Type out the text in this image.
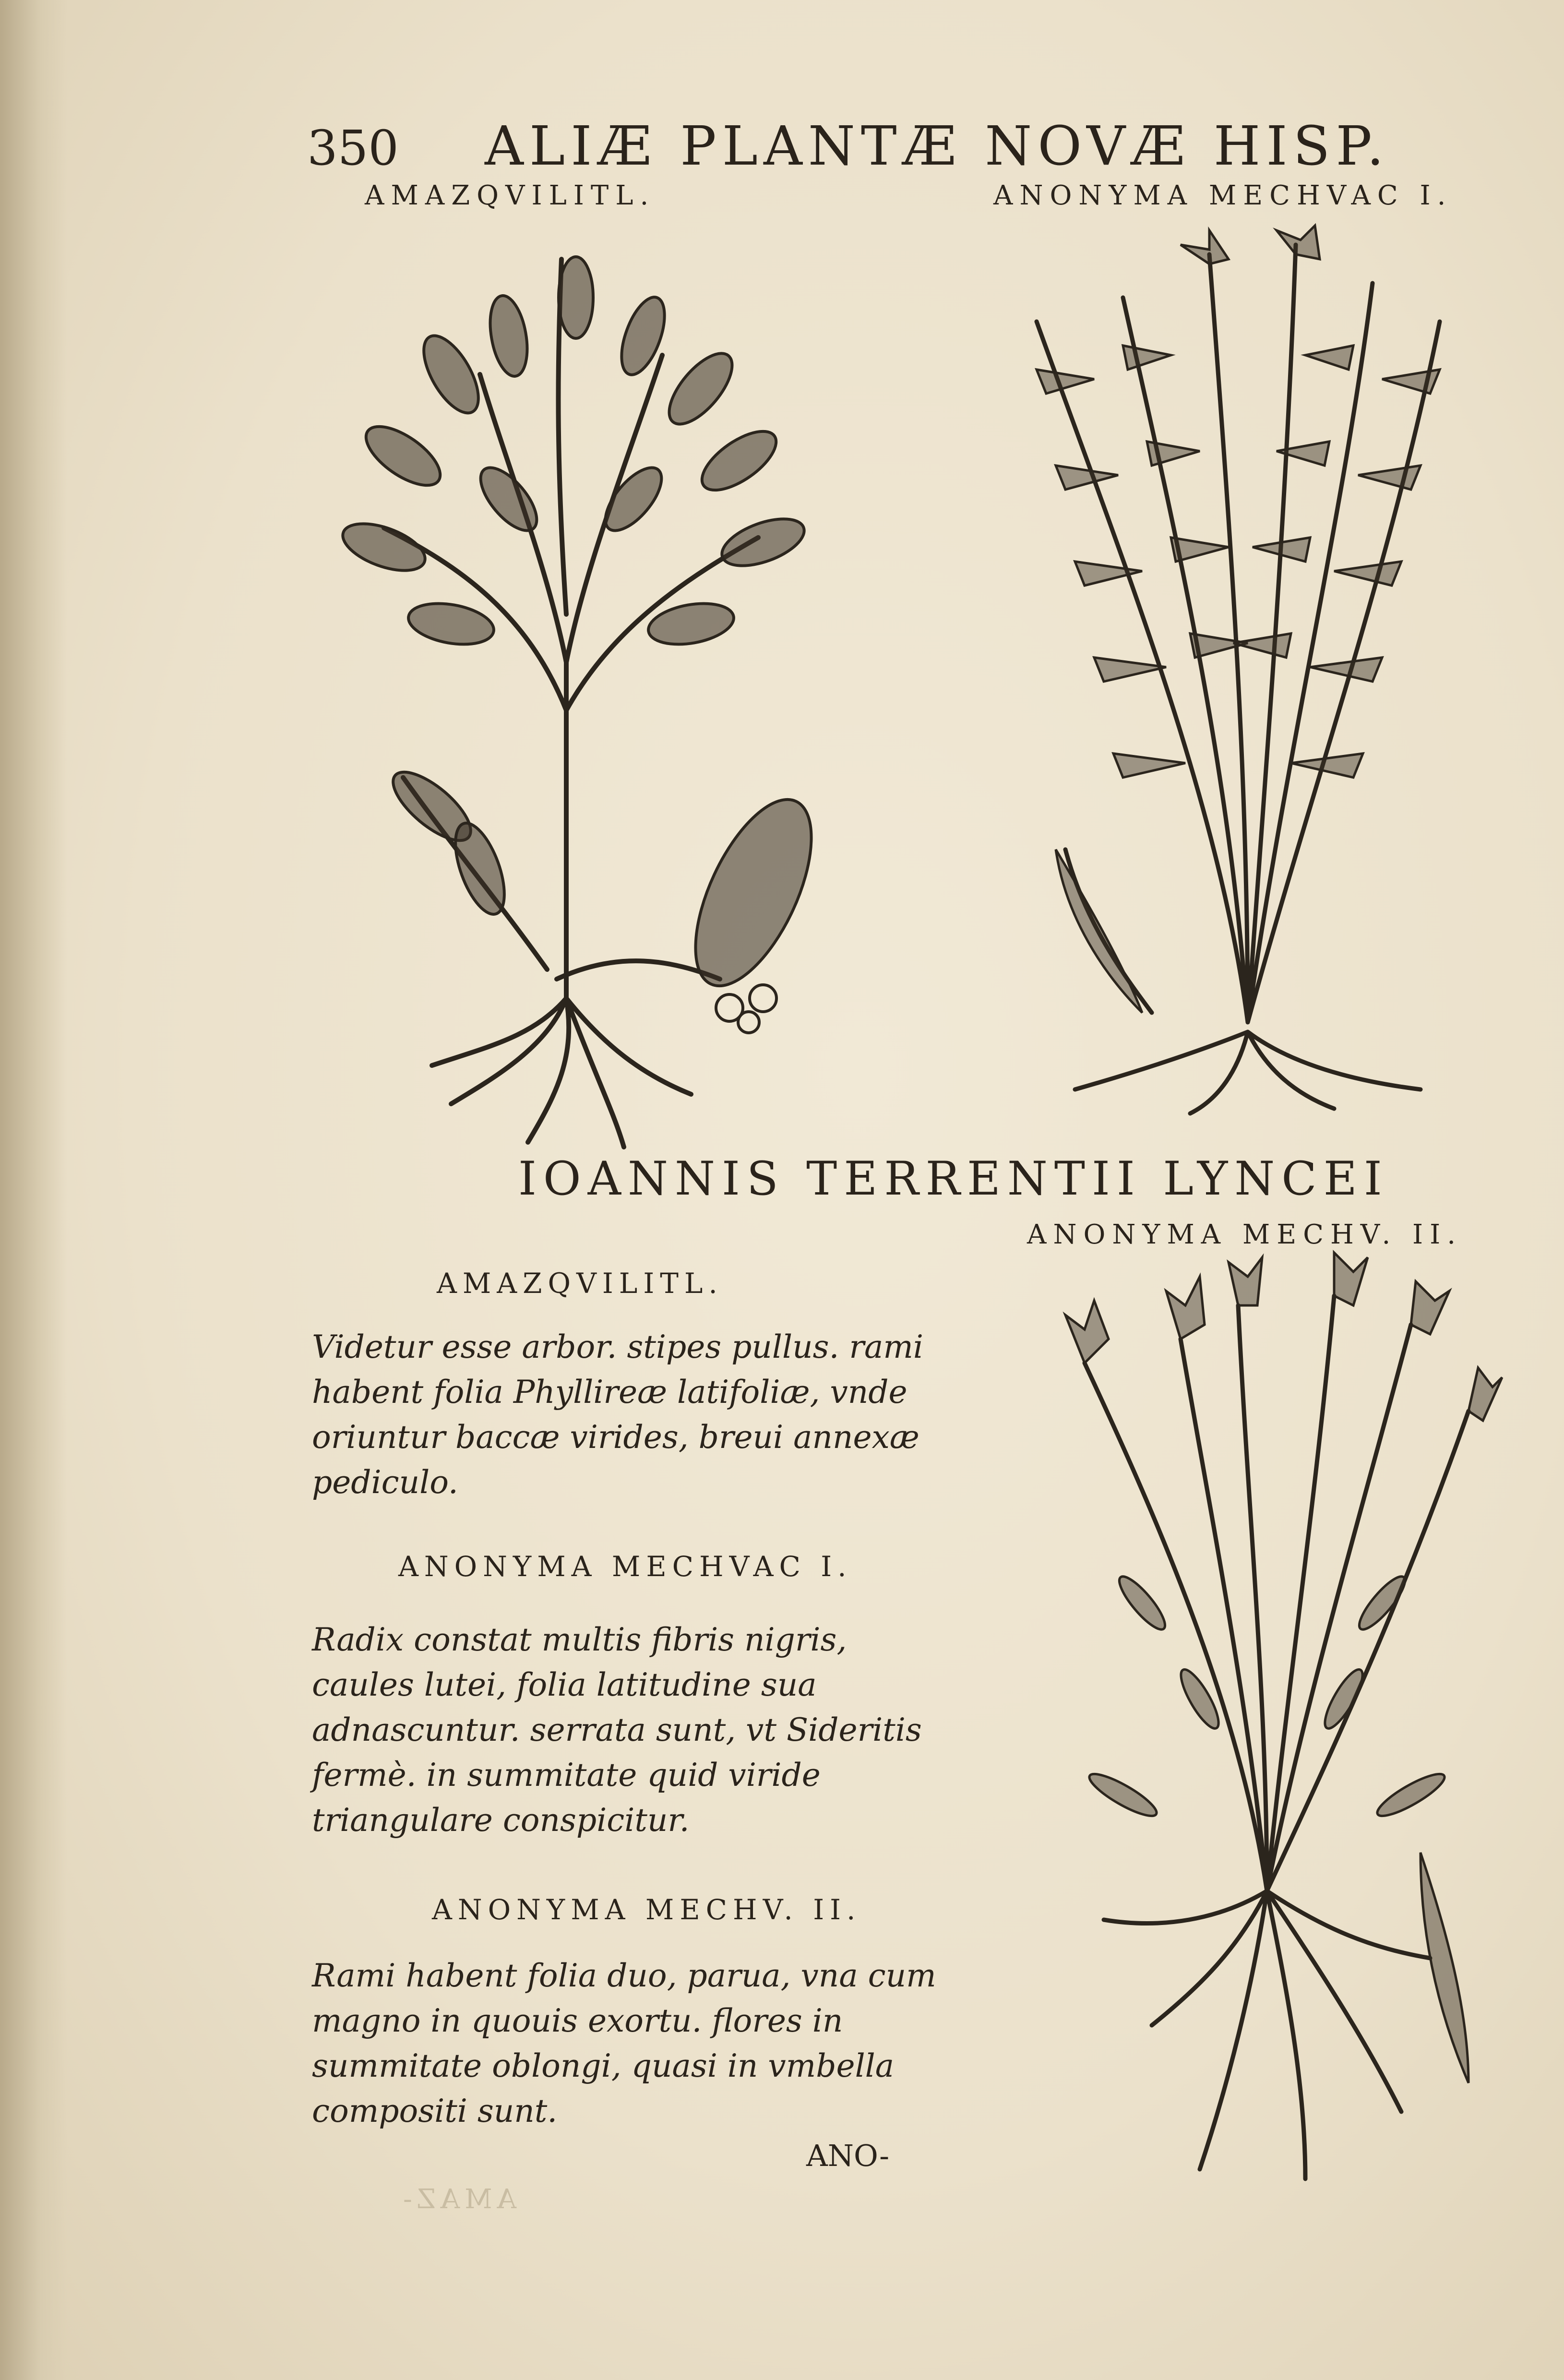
350 ALIÆ PLANTÆ NOVÆ HISP.
AMAZQVILITL.	ANONYMA MECHVAC I.
IOANNIS TERRENTII LYNCEI
ANONYMA MECHV. II.
AMAZQVILITL.
Videtur esse arbor. stipes pullus. rami habent folia Phyllireæ latifoliæ, vnde oriuntur baccæ virides, breui annexæ pediculo.
ANONYMA MECHVAC I.
Radix constat multis fibris nigris, caules lutei, folia latitudine sua adnascuntur. serrata sunt, vt Sideritis fermè. in summitate quid viride triangulare conspicitur.
ANONYMA MECHV. II.
Rami habent folia duo, parua, vna cum magno in quouis exortu. flores in summitate oblongi, quasi in vmbella compositi sunt.
ANO-
AMAZ-
